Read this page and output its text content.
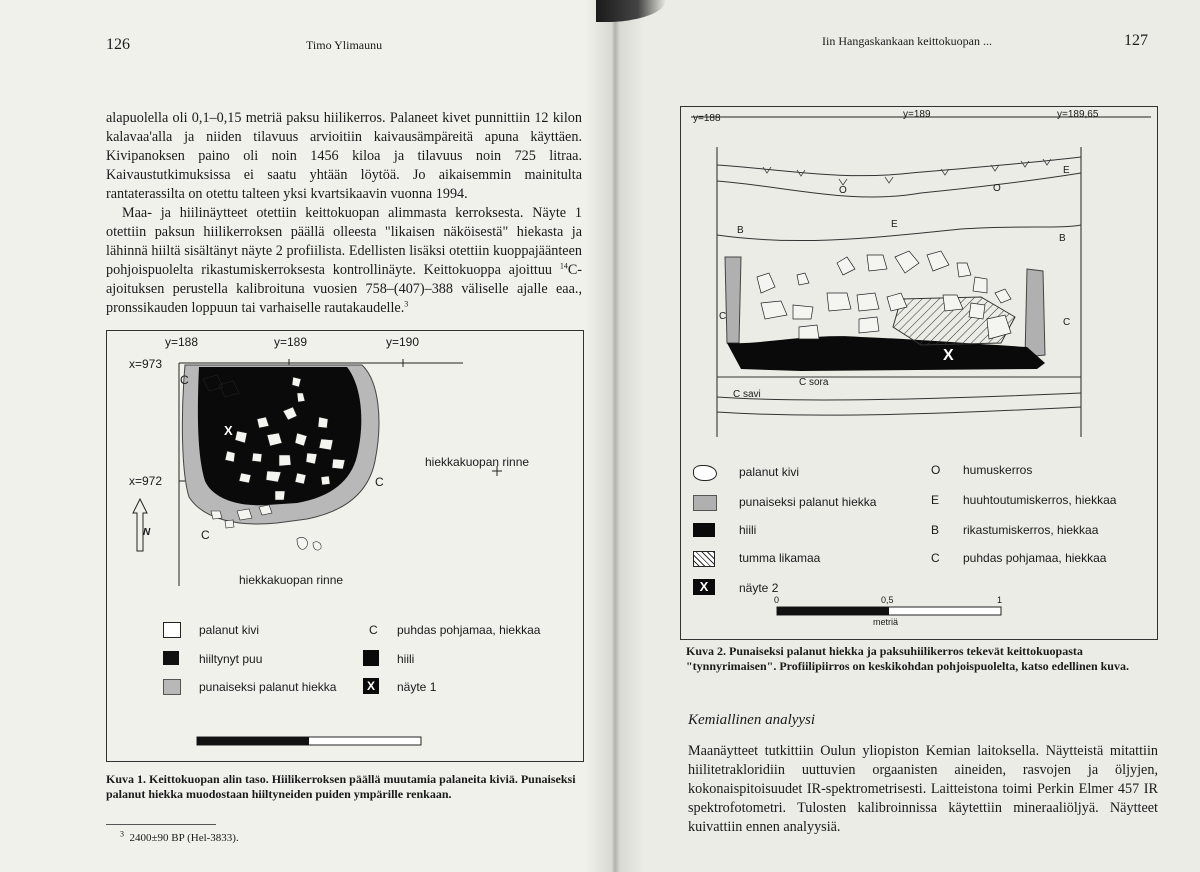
126	Timo Ylimaunu

alapuolella oli 0,1–0,15 metriä paksu hiilikerros. Palaneet kivet punnittiin 12 kilon kalavaa'alla ja niiden tilavuus arvioitiin kaivausämpäreitä apuna käyttäen. Kivipanoksen paino oli noin 1456 kiloa ja tilavuus noin 725 litraa. Kaivaustutkimuksissa ei saatu yhtään löytöä. Jo aikaisemmin mainitulta rantaterassilta on otettu talteen yksi kvartsikaavin vuonna 1994.

Maa- ja hiilinäytteet otettiin keittokuopan alimmasta kerroksesta. Näyte 1 otettiin paksun hiilikerroksen päällä olleesta "likaisen näköisestä" hiekasta ja lähinnä hiiltä sisältänyt näyte 2 profiilista. Edellisten lisäksi otettiin kuoppajäänteen pohjoispuolelta rikastumiskerroksesta kontrollinäyte. Keittokuoppa ajoittuu $^{14}$C-ajoituksen perustella kalibroituna vuosien 758–(407)–388 väliselle ajalle eaa., pronssikauden loppuun tai varhaiselle rautakaudelle.$^3$

y=188	y=189	y=190
x=973
x=972
N
C
C
C
X
hiekkakuopan rinne
hiekkakuopan rinne
palanut kivi
hiiltynyt puu
punaiseksi palanut hiekka
C puhdas pohjamaa, hiekkaa
hiili
X	näyte 1
Kuva 1. Keittokuopan alin taso. Hiilikerroksen päällä muutamia palaneita kiviä. Punaiseksi palanut hiekka muodostaan hiiltyneiden puiden ympärille renkaan.
$^3$ 2400±90 BP (Hel-3833).
Iin Hangaskankaan keittokuopan ...	127
y=188	y=189	y=189,65
O	O
E
E
B
B
C
C
X
C sora
C savi
X
palanut kivi
punaiseksi palanut hiekka
hiili
tumma likamaa
näyte 2
O humuskerros
E huuhtoutumiskerros, hiekkaa
B rikastumiskerros, hiekkaa
C puhdas pohjamaa, hiekkaa
0	0,5	1
metriä
Kuva 2. Punaiseksi palanut hiekka ja paksuhiilikerros tekevät keittokuopasta "tynnyrimaisen". Profiilipiirros on keskikohdan pohjoispuolelta, katso edellinen kuva.
Kemiallinen analyysi

Maanäytteet tutkittiin Oulun yliopiston Kemian laitoksella. Näytteistä mitattiin hiilitetrakloridiin uuttuvien orgaanisten aineiden, rasvojen ja öljyjen, kokonaispitoisuudet IR-spektrometrisesti. Laitteistona toimi Perkin Elmer 457 IR spektrofotometri. Tulosten kalibroinnissa käytettiin mineraaliöljyä. Näytteet kuivattiin ennen analyysiä.
